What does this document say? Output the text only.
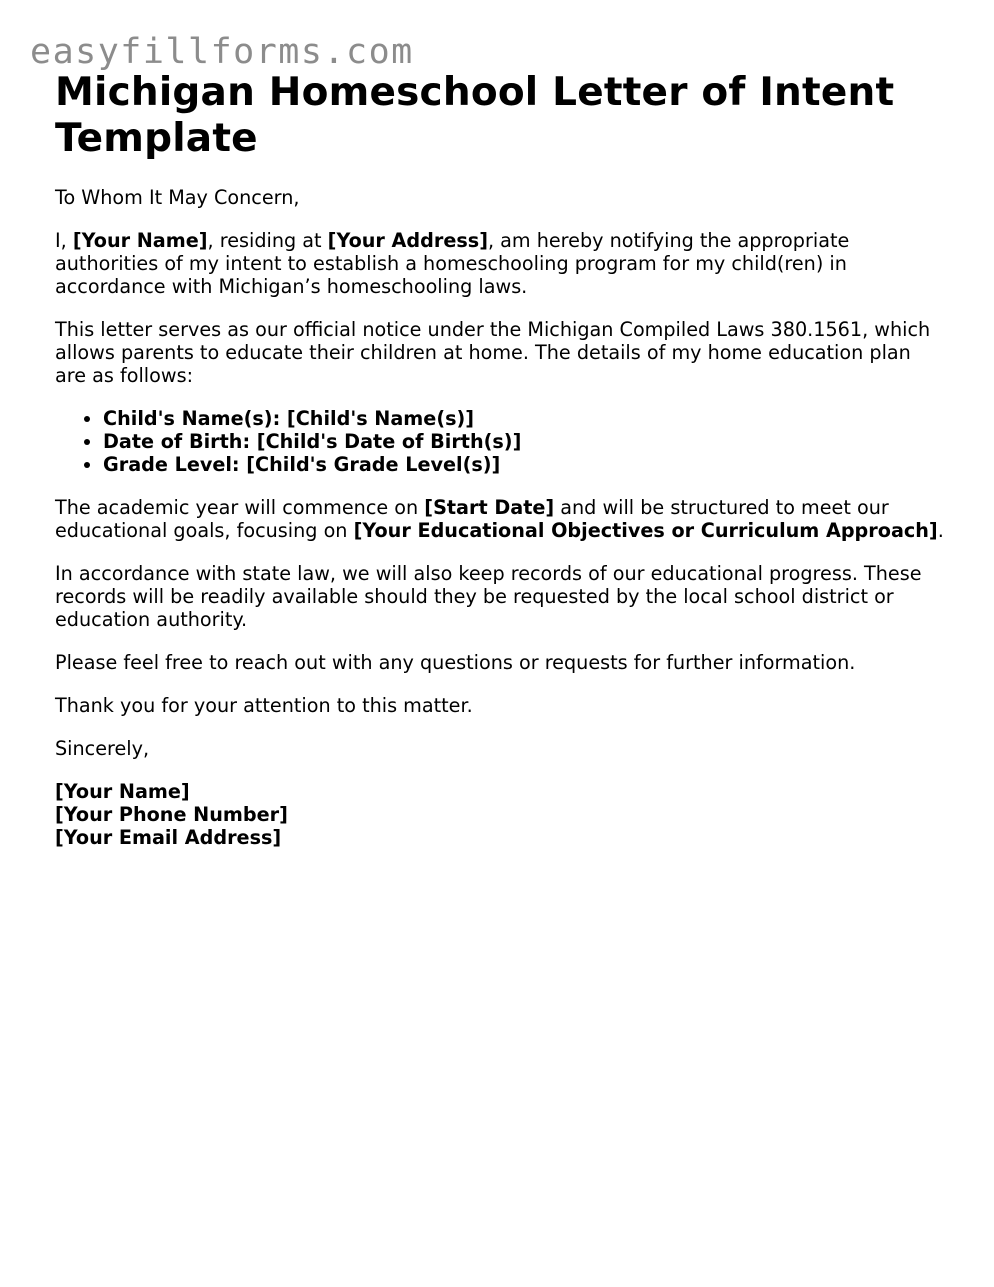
easyfillforms.com
Michigan Homeschool Letter of Intent Template

To Whom It May Concern,

I, [Your Name], residing at [Your Address], am hereby notifying the appropriate authorities of my intent to establish a homeschooling program for my child(ren) in accordance with Michigan’s homeschooling laws.

This letter serves as our official notice under the Michigan Compiled Laws 380.1561, which allows parents to educate their children at home. The details of my home education plan are as follows:

• Child's Name(s): [Child's Name(s)]
• Date of Birth: [Child's Date of Birth(s)]
• Grade Level: [Child's Grade Level(s)]

The academic year will commence on [Start Date] and will be structured to meet our educational goals, focusing on [Your Educational Objectives or Curriculum Approach].

In accordance with state law, we will also keep records of our educational progress. These records will be readily available should they be requested by the local school district or education authority.

Please feel free to reach out with any questions or requests for further information.

Thank you for your attention to this matter.

Sincerely,

[Your Name]
[Your Phone Number]
[Your Email Address]
